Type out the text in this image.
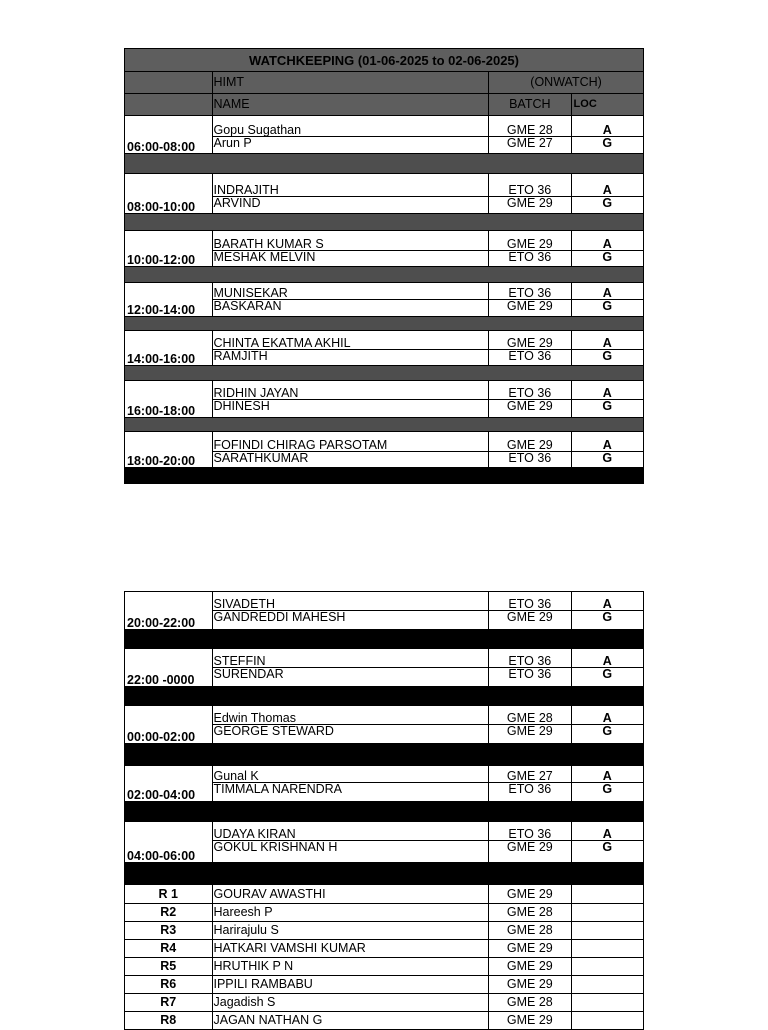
WATCHKEEPING (01-06-2025 to 02-06-2025)			
	HIMT	(ONWATCH)	
	NAME	BATCH	LOC
06:00-08:00	Gopu Sugathan	GME 28	A
	Arun P	GME 27	G

08:00-10:00	INDRAJITH	ETO 36	A
	ARVIND	GME 29	G

10:00-12:00	BARATH KUMAR S	GME 29	A
	MESHAK MELVIN	ETO 36	G

12:00-14:00	MUNISEKAR	ETO 36	A
	BASKARAN	GME 29	G

14:00-16:00	CHINTA EKATMA AKHIL	GME 29	A
	RAMJITH	ETO 36	G

16:00-18:00	RIDHIN JAYAN	ETO 36	A
	DHINESH	GME 29	G

18:00-20:00	FOFINDI CHIRAG PARSOTAM	GME 29	A
	SARATHKUMAR	ETO 36	G

20:00-22:00	SIVADETH	ETO 36	A
	GANDREDDI MAHESH	GME 29	G

22:00 -0000	STEFFIN	ETO 36	A
	SURENDAR	ETO 36	G

00:00-02:00	Edwin Thomas	GME 28	A
	GEORGE STEWARD	GME 29	G

02:00-04:00	Gunal K	GME 27	A
	TIMMALA NARENDRA	ETO 36	G

04:00-06:00	UDAYA KIRAN	ETO 36	A
	GOKUL KRISHNAN H	GME 29	G

R 1	GOURAV AWASTHI	GME 29	
R2	Hareesh P	GME 28	
R3	Harirajulu S	GME 28	
R4	HATKARI VAMSHI KUMAR	GME 29	
R5	HRUTHIK P N	GME 29	
R6	IPPILI RAMBABU	GME 29	
R7	Jagadish S	GME 28	
R8	JAGAN NATHAN G	GME 29	
